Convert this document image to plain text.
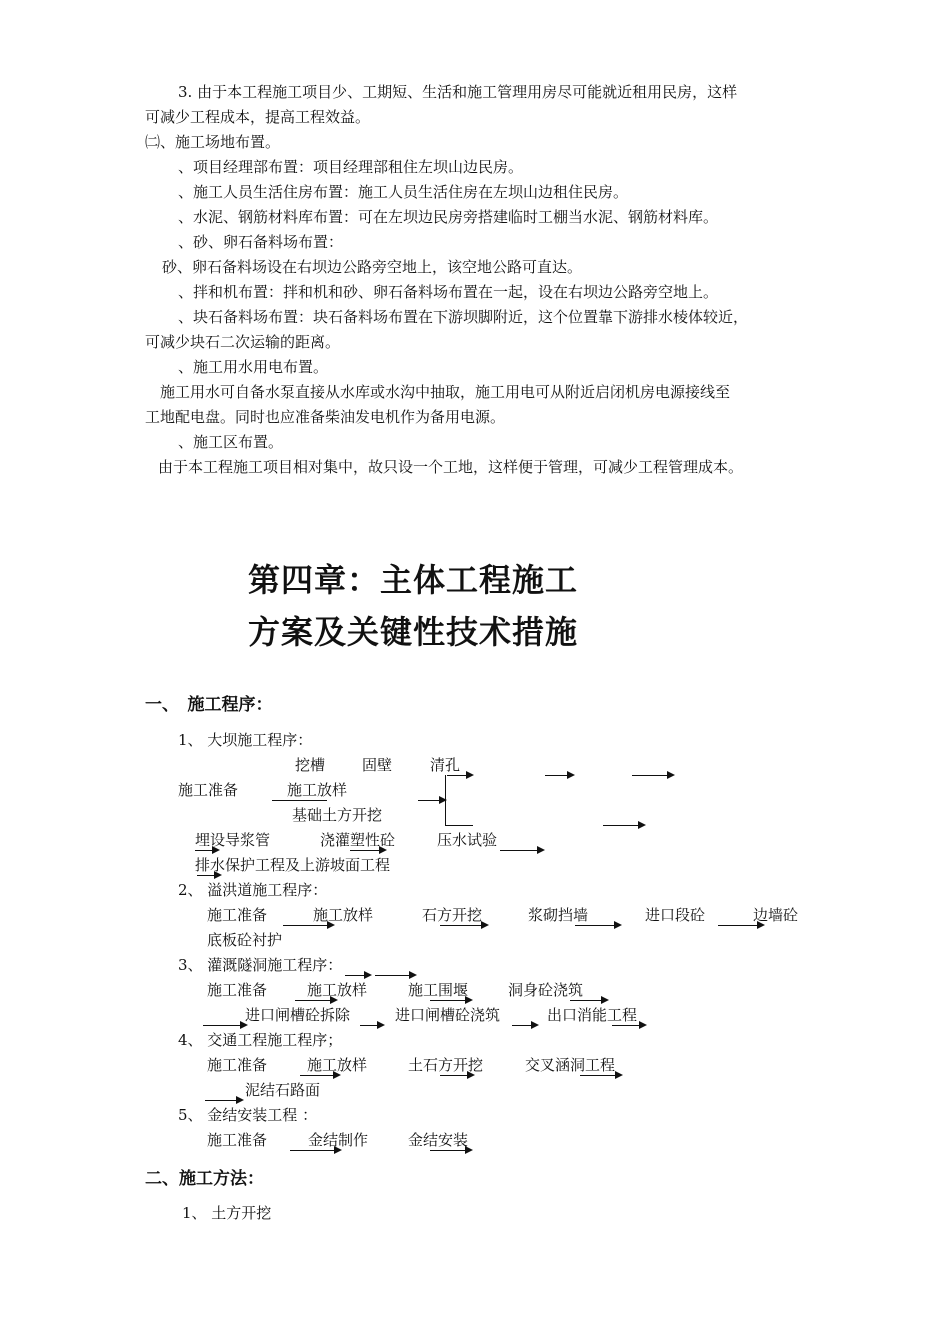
3. 由于本工程施工项目少、工期短、生活和施工管理用房尽可能就近租用民房，这样
可减少工程成本，提高工程效益。
㈡、施工场地布置。
、项目经理部布置：项目经理部租住左坝山边民房。
、施工人员生活住房布置：施工人员生活住房在左坝山边租住民房。
、水泥、钢筋材料库布置：可在左坝边民房旁搭建临时工棚当水泥、钢筋材料库。
、砂、卵石备料场布置：
砂、卵石备料场设在右坝边公路旁空地上，该空地公路可直达。
、拌和机布置：拌和机和砂、卵石备料场布置在一起，设在右坝边公路旁空地上。
、块石备料场布置：块石备料场布置在下游坝脚附近，这个位置靠下游排水棱体较近，
可减少块石二次运输的距离。
、施工用水用电布置。
施工用水可自备水泵直接从水库或水沟中抽取，施工用电可从附近启闭机房电源接线至
工地配电盘。同时也应准备柴油发电机作为备用电源。
、施工区布置。
由于本工程施工项目相对集中，故只设一个工地，这样便于管理，可减少工程管理成本。
第四章：主体工程施工
方案及关键性技术措施
一、　施工程序：
1、 大坝施工程序：
挖槽 固壁	清孔
施工准备	施工放样
基础土方开挖
埋设导浆管	浇灌塑性砼	压水试验
排水保护工程及上游坡面工程
2、 溢洪道施工程序：
施工准备	施工放样	石方开挖	浆砌挡墙	进口段砼	边墙砼
底板砼衬护
3、 灌溉隧洞施工程序：
施工准备	施工放样	施工围堰	洞身砼浇筑
进口闸槽砼拆除	进口闸槽砼浇筑	出口消能工程
4、 交通工程施工程序；
施工准备	施工放样	土石方开挖	交叉涵洞工程
泥结石路面
5、 金结安装工程 ：
施工准备	金结制作	金结安装
二、施工方法：
1、 土方开挖
